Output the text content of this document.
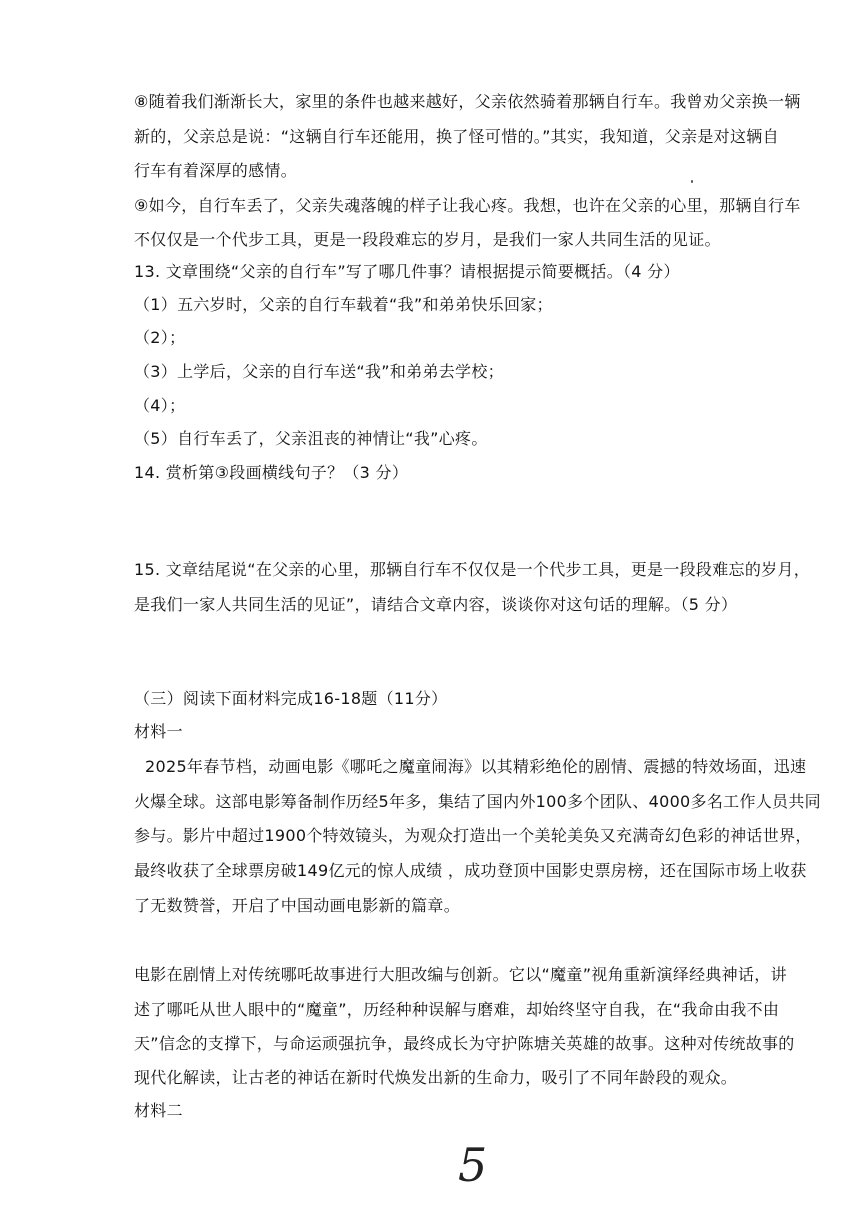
⑧随着我们渐渐长大，家里的条件也越来越好，父亲依然骑着那辆自行车。我曾劝父亲换一辆
新的，父亲总是说：“这辆自行车还能用，换了怪可惜的。”其实，我知道，父亲是对这辆自
行车有着深厚的感情。
⑨如今，自行车丢了，父亲失魂落魄的样子让我心疼。我想，也许在父亲的心里，那辆自行车
不仅仅是一个代步工具，更是一段段难忘的岁月，是我们一家人共同生活的见证。
13. 文章围绕“父亲的自行车”写了哪几件事？请根据提示简要概括。（4 分）
（1）五六岁时，父亲的自行车载着“我”和弟弟快乐回家；
（2）；
（3）上学后，父亲的自行车送“我”和弟弟去学校；
（4）；
（5）自行车丢了，父亲沮丧的神情让“我”心疼。
14. 赏析第③段画横线句子？（3 分）
15. 文章结尾说“在父亲的心里，那辆自行车不仅仅是一个代步工具，更是一段段难忘的岁月，
是我们一家人共同生活的见证”，请结合文章内容，谈谈你对这句话的理解。（5 分）
（三）阅读下面材料完成16-18题（11分）
材料一
2025年春节档，动画电影《哪吒之魔童闹海》以其精彩绝伦的剧情、震撼的特效场面，迅速
火爆全球。这部电影筹备制作历经5年多，集结了国内外100多个团队、4000多名工作人员共同
参与。影片中超过1900个特效镜头，为观众打造出一个美轮美奂又充满奇幻色彩的神话世界，
最终收获了全球票房破149亿元的惊人成绩 ，成功登顶中国影史票房榜，还在国际市场上收获
了无数赞誉，开启了中国动画电影新的篇章。
电影在剧情上对传统哪吒故事进行大胆改编与创新。它以“魔童”视角重新演绎经典神话，讲
述了哪吒从世人眼中的“魔童”，历经种种误解与磨难，却始终坚守自我，在“我命由我不由
天”信念的支撑下，与命运顽强抗争，最终成长为守护陈塘关英雄的故事。这种对传统故事的
现代化解读，让古老的神话在新时代焕发出新的生命力，吸引了不同年龄段的观众。
材料二
5
